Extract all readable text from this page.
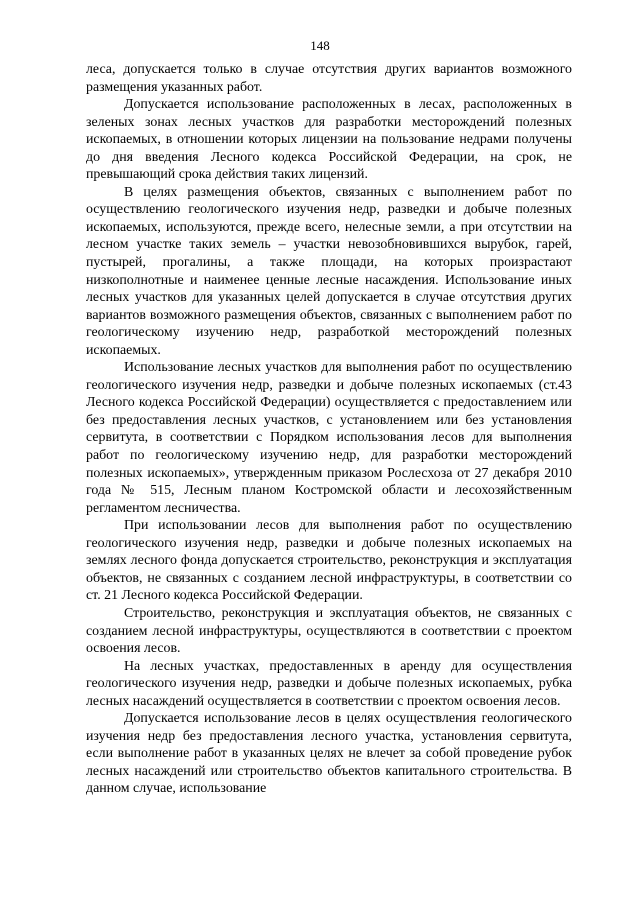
148

леса, допускается только в случае отсутствия других вариантов возможного размещения указанных работ.

Допускается использование расположенных в лесах, расположенных в зеленых зонах лесных участков для разработки месторождений полезных ископаемых, в отношении которых лицензии на пользование недрами получены до дня введения Лесного кодекса Российской Федерации, на срок, не превышающий срока действия таких лицензий.

В целях размещения объектов, связанных с выполнением работ по осуществлению геологического изучения недр, разведки и добыче полезных ископаемых, используются, прежде всего, нелесные земли, а при отсутствии на лесном участке таких земель – участки невозобновившихся вырубок, гарей, пустырей, прогалины, а также площади, на которых произрастают низкополнотные и наименее ценные лесные насаждения. Использование иных лесных участков для указанных целей допускается в случае отсутствия других вариантов возможного размещения объектов, связанных с выполнением работ по геологическому изучению недр, разработкой месторождений полезных ископаемых.

Использование лесных участков для выполнения работ по осуществлению геологического изучения недр, разведки и добыче полезных ископаемых (ст.43 Лесного кодекса Российской Федерации) осуществляется с предоставлением или без предоставления лесных участков, с установлением или без установления сервитута, в соответствии с Порядком использования лесов для выполнения работ по геологическому изучению недр, для разработки месторождений полезных ископаемых», утвержденным приказом Рослесхоза от 27 декабря 2010 года № 515, Лесным планом Костромской области и лесохозяйственным регламентом лесничества.

При использовании лесов для выполнения работ по осуществлению геологического изучения недр, разведки и добыче полезных ископаемых на землях лесного фонда допускается строительство, реконструкция и эксплуатация объектов, не связанных с созданием лесной инфраструктуры, в соответствии со ст. 21 Лесного кодекса Российской Федерации.

Строительство, реконструкция и эксплуатация объектов, не связанных с созданием лесной инфраструктуры, осуществляются в соответствии с проектом освоения лесов.

На лесных участках, предоставленных в аренду для осуществления геологического изучения недр, разведки и добыче полезных ископаемых, рубка лесных насаждений осуществляется в соответствии с проектом освоения лесов.

Допускается использование лесов в целях осуществления геологического изучения недр без предоставления лесного участка, установления сервитута, если выполнение работ в указанных целях не влечет за собой проведение рубок лесных насаждений или строительство объектов капитального строительства. В данном случае, использование
